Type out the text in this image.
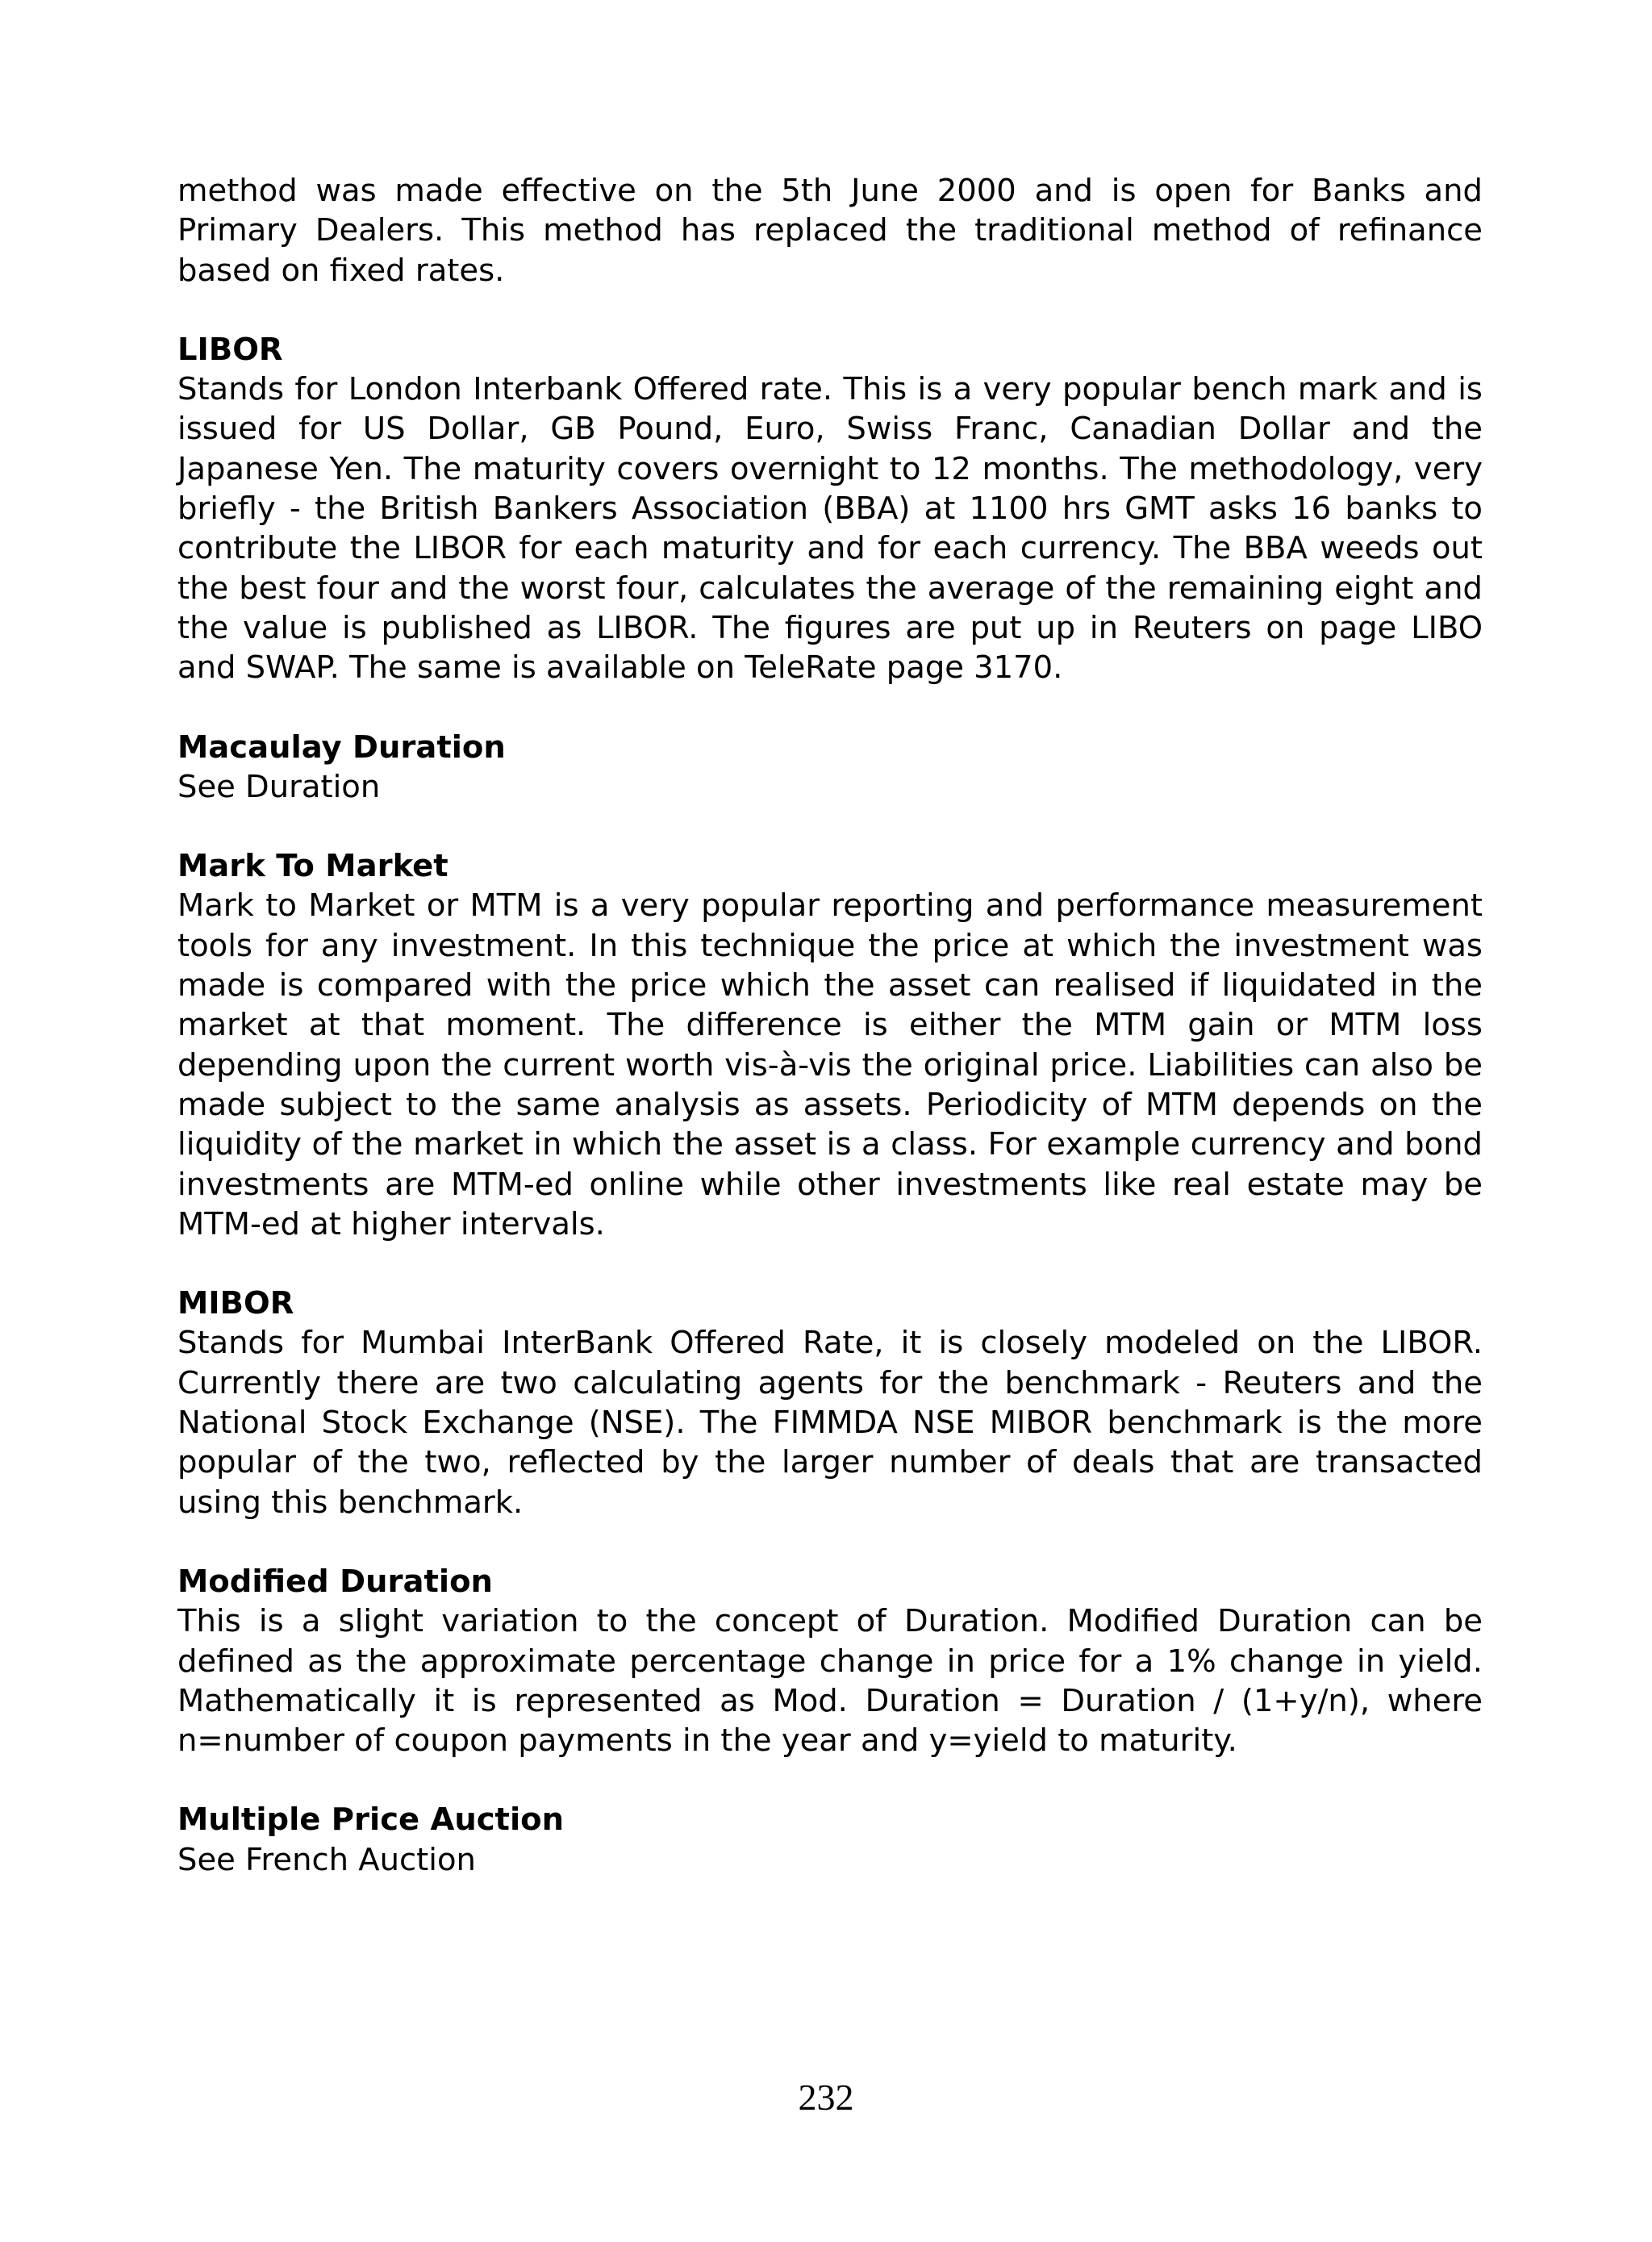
method was made effective on the 5th June 2000 and is open for Banks and Primary Dealers. This method has replaced the traditional method of refinance based on fixed rates.

LIBOR

Stands for London Interbank Offered rate. This is a very popular bench mark and is issued for US Dollar, GB Pound, Euro, Swiss Franc, Canadian Dollar and the Japanese Yen. The maturity covers overnight to 12 months. The methodology, very briefly - the British Bankers Association (BBA) at 1100 hrs GMT asks 16 banks to contribute the LIBOR for each maturity and for each currency. The BBA weeds out the best four and the worst four, calculates the average of the remaining eight and the value is published as LIBOR. The figures are put up in Reuters on page LIBO and SWAP. The same is available on TeleRate page 3170.

Macaulay Duration

See Duration

Mark To Market

Mark to Market or MTM is a very popular reporting and performance measurement tools for any investment. In this technique the price at which the investment was made is compared with the price which the asset can realised if liquidated in the market at that moment. The difference is either the MTM gain or MTM loss depending upon the current worth vis-à-vis the original price. Liabilities can also be made subject to the same analysis as assets. Periodicity of MTM depends on the liquidity of the market in which the asset is a class. For example currency and bond investments are MTM-ed online while other investments like real estate may be MTM-ed at higher intervals.

MIBOR

Stands for Mumbai InterBank Offered Rate, it is closely modeled on the LIBOR. Currently there are two calculating agents for the benchmark - Reuters and the National Stock Exchange (NSE). The FIMMDA NSE MIBOR benchmark is the more popular of the two, reflected by the larger number of deals that are transacted using this benchmark.

Modified Duration

This is a slight variation to the concept of Duration. Modified Duration can be defined as the approximate percentage change in price for a 1% change in yield. Mathematically it is represented as Mod. Duration = Duration / (1+y/n), where n=number of coupon payments in the year and y=yield to maturity.

Multiple Price Auction

See French Auction

232
